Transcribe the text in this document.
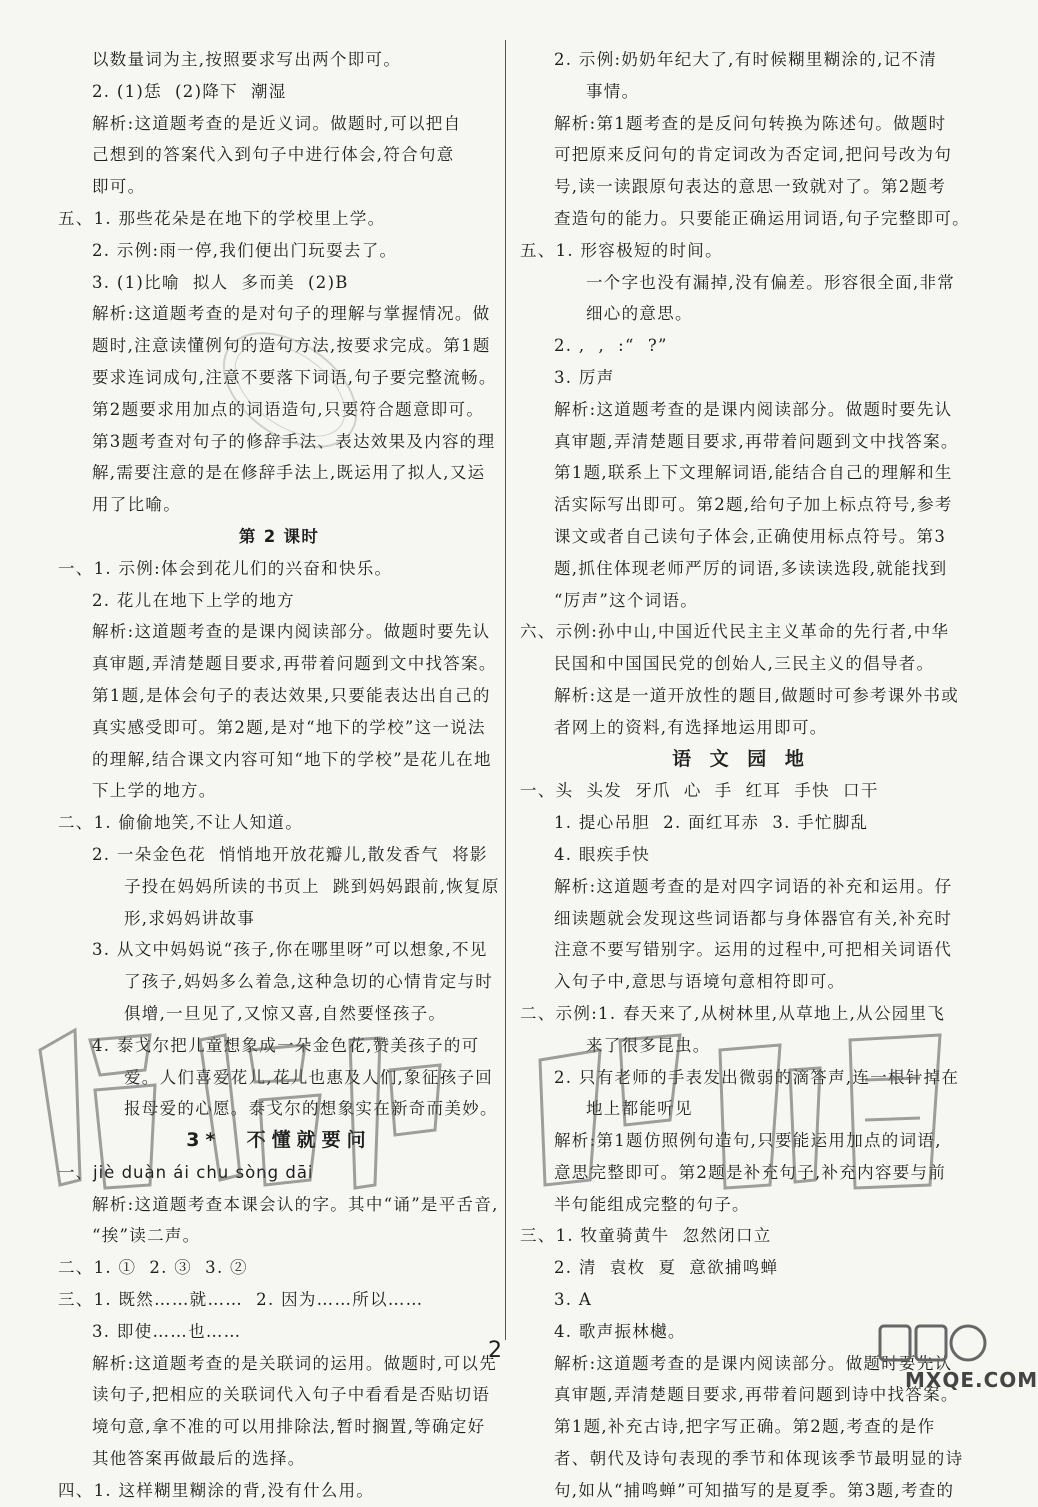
以数量词为主,按照要求写出两个即可。
2. (1)恁  (2)降下  潮湿
解析:这道题考查的是近义词。做题时,可以把自
己想到的答案代入到句子中进行体会,符合句意
即可。
五、1. 那些花朵是在地下的学校里上学。
2. 示例:雨一停,我们便出门玩耍去了。
3. (1)比喻  拟人  多而美  (2)B
解析:这道题考查的是对句子的理解与掌握情况。做
题时,注意读懂例句的造句方法,按要求完成。第1题
要求连词成句,注意不要落下词语,句子要完整流畅。
第2题要求用加点的词语造句,只要符合题意即可。
第3题考查对句子的修辞手法、表达效果及内容的理
解,需要注意的是在修辞手法上,既运用了拟人,又运
用了比喻。
第 2 课时
一、1. 示例:体会到花儿们的兴奋和快乐。
2. 花儿在地下上学的地方
解析:这道题考查的是课内阅读部分。做题时要先认
真审题,弄清楚题目要求,再带着问题到文中找答案。
第1题,是体会句子的表达效果,只要能表达出自己的
真实感受即可。第2题,是对“地下的学校”这一说法
的理解,结合课文内容可知“地下的学校”是花儿在地
下上学的地方。
二、1. 偷偷地笑,不让人知道。
2. 一朵金色花  悄悄地开放花瓣儿,散发香气  将影
子投在妈妈所读的书页上  跳到妈妈跟前,恢复原
形,求妈妈讲故事
3. 从文中妈妈说“孩子,你在哪里呀”可以想象,不见
了孩子,妈妈多么着急,这种急切的心情肯定与时
俱增,一旦见了,又惊又喜,自然要怪孩子。
4. 泰戈尔把儿童想象成一朵金色花,赞美孩子的可
爱。人们喜爱花儿,花儿也惠及人们,象征孩子回
报母爱的心愿。泰戈尔的想象实在新奇而美妙。
3*  不懂就要问
一、jiè duàn ái chu sòng dāi
解析:这道题考查本课会认的字。其中“诵”是平舌音,
“挨”读二声。
二、1. ①  2. ③  3. ②
三、1. 既然……就……  2. 因为……所以……
3. 即使……也……
解析:这道题考查的是关联词的运用。做题时,可以先
读句子,把相应的关联词代入句子中看看是否贴切语
境句意,拿不准的可以用排除法,暂时搁置,等确定好
其他答案再做最后的选择。
四、1. 这样糊里糊涂的背,没有什么用。
2. 示例:奶奶年纪大了,有时候糊里糊涂的,记不清
事情。
解析:第1题考查的是反问句转换为陈述句。做题时
可把原来反问句的肯定词改为否定词,把问号改为句
号,读一读跟原句表达的意思一致就对了。第2题考
查造句的能力。只要能正确运用词语,句子完整即可。
五、1. 形容极短的时间。
一个字也没有漏掉,没有偏差。形容很全面,非常
细心的意思。
2. ,  ,  :“  ?”
3. 厉声
解析:这道题考查的是课内阅读部分。做题时要先认
真审题,弄清楚题目要求,再带着问题到文中找答案。
第1题,联系上下文理解词语,能结合自己的理解和生
活实际写出即可。第2题,给句子加上标点符号,参考
课文或者自己读句子体会,正确使用标点符号。第3
题,抓住体现老师严厉的词语,多读读选段,就能找到
“厉声”这个词语。
六、示例:孙中山,中国近代民主主义革命的先行者,中华
民国和中国国民党的创始人,三民主义的倡导者。
解析:这是一道开放性的题目,做题时可参考课外书或
者网上的资料,有选择地运用即可。
语 文 园 地
一、头  头发  牙爪  心  手  红耳  手快  口干
1. 提心吊胆  2. 面红耳赤  3. 手忙脚乱
4. 眼疾手快
解析:这道题考查的是对四字词语的补充和运用。仔
细读题就会发现这些词语都与身体器官有关,补充时
注意不要写错别字。运用的过程中,可把相关词语代
入句子中,意思与语境句意相符即可。
二、示例:1. 春天来了,从树林里,从草地上,从公园里飞
来了很多昆虫。
2. 只有老师的手表发出微弱的滴答声,连一根针掉在
地上都能听见
解析:第1题仿照例句造句,只要能运用加点的词语,
意思完整即可。第2题是补充句子,补充内容要与前
半句能组成完整的句子。
三、1. 牧童骑黄牛  忽然闭口立
2. 清  袁枚  夏  意欲捕鸣蝉
3. A
4. 歌声振林樾。
解析:这道题考查的是课内阅读部分。做题时要先认
真审题,弄清楚题目要求,再带着问题到诗中找答案。
第1题,补充古诗,把字写正确。第2题,考查的是作
者、朝代及诗句表现的季节和体现该季节最明显的诗
句,如从“捕鸣蝉”可知描写的是夏季。第3题,考查的
2
MXQE.COM
